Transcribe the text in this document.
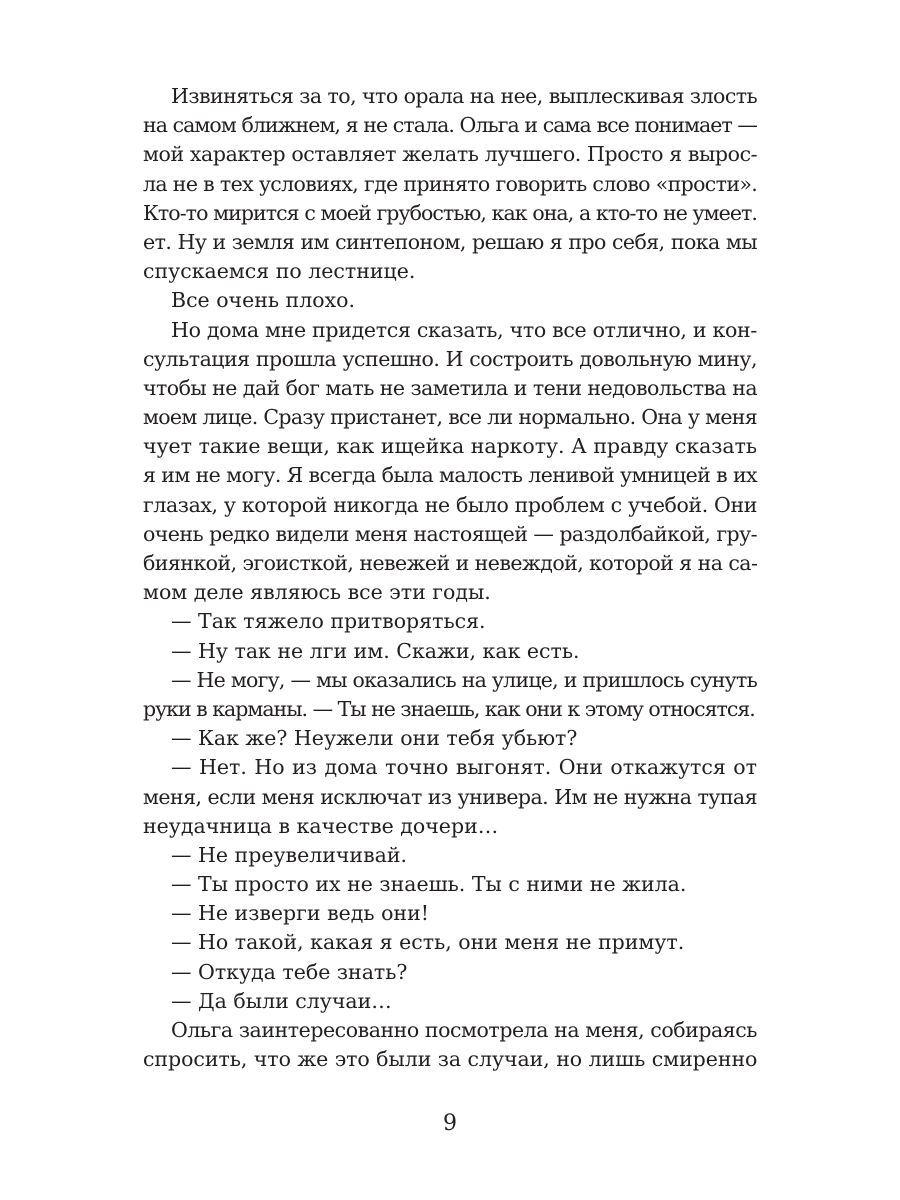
Извиняться за то, что орала на нее, выплескивая злость
на самом ближнем, я не стала. Ольга и сама все понимает —
мой характер оставляет желать лучшего. Просто я вырос-
ла не в тех условиях, где принято говорить слово «прости».
Кто-то мирится с моей грубостью, как она, а кто-то не умеет.
ет. Ну и земля им синтепоном, решаю я про себя, пока мы
спускаемся по лестнице.
Все очень плохо.
Но дома мне придется сказать, что все отлично, и кон-
сультация прошла успешно. И состроить довольную мину,
чтобы не дай бог мать не заметила и тени недовольства на
моем лице. Сразу пристанет, все ли нормально. Она у меня
чует такие вещи, как ищейка наркоту. А правду сказать
я им не могу. Я всегда была малость ленивой умницей в их
глазах, у которой никогда не было проблем с учебой. Они
очень редко видели меня настоящей — раздолбайкой, гру-
биянкой, эгоисткой, невежей и невеждой, которой я на са-
мом деле являюсь все эти годы.
— Так тяжело притворяться.
— Ну так не лги им. Скажи, как есть.
— Не могу, — мы оказались на улице, и пришлось сунуть
руки в карманы. — Ты не знаешь, как они к этому относятся.
— Как же? Неужели они тебя убьют?
— Нет. Но из дома точно выгонят. Они откажутся от
меня, если меня исключат из универа. Им не нужна тупая
неудачница в качестве дочери…
— Не преувеличивай.
— Ты просто их не знаешь. Ты с ними не жила.
— Не изверги ведь они!
— Но такой, какая я есть, они меня не примут.
— Откуда тебе знать?
— Да были случаи…
Ольга заинтересованно посмотрела на меня, собираясь
спросить, что же это были за случаи, но лишь смиренно
9
